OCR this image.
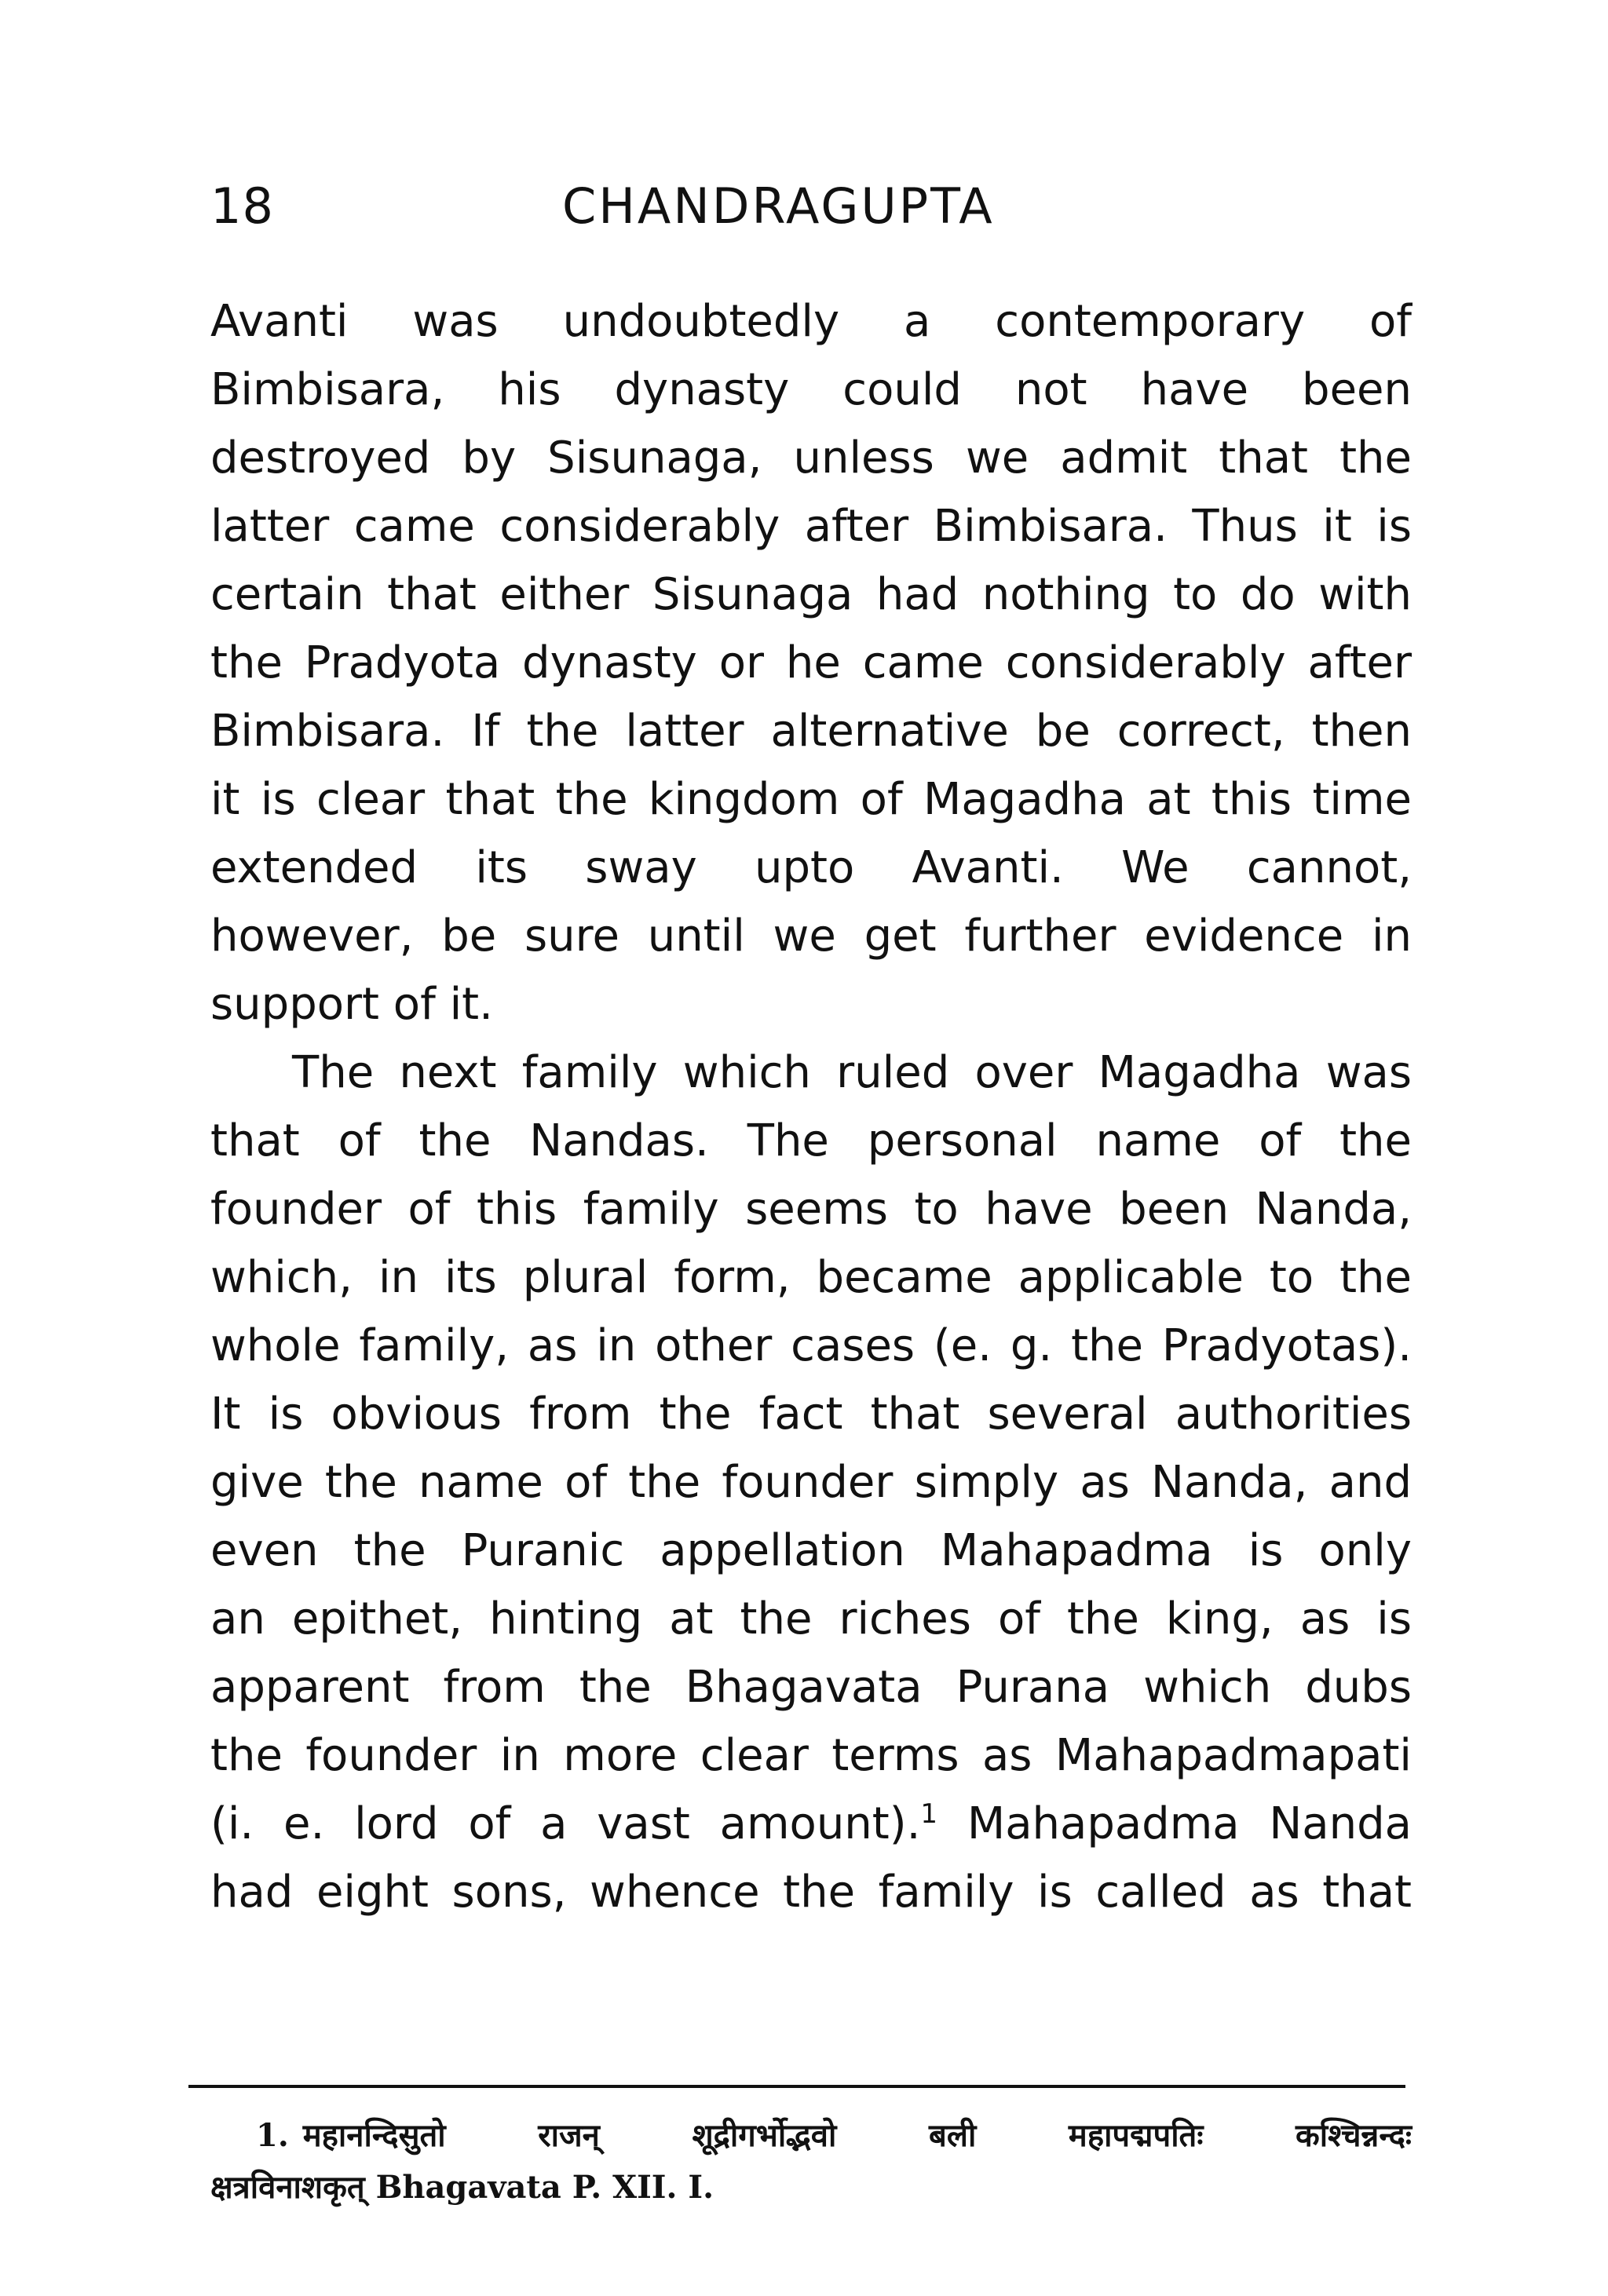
18	CHANDRAGUPTA
Avanti was undoubtedly a contemporary of
Bimbisara, his dynasty could not have been
destroyed by Sisunaga, unless we admit that the
latter came considerably after Bimbisara. Thus it is
certain that either Sisunaga had nothing to do with
the Pradyota dynasty or he came considerably after
Bimbisara. If the latter alternative be correct, then
it is clear that the kingdom of Magadha at this time
extended its sway upto Avanti. We cannot,
however, be sure until we get further evidence in
support of it.
The next family which ruled over Magadha was
that of the Nandas. The personal name of the
founder of this family seems to have been Nanda,
which, in its plural form, became applicable to the
whole family, as in other cases (e. g. the Pradyotas).
It is obvious from the fact that several authorities
give the name of the founder simply as Nanda, and
even the Puranic appellation Mahapadma is only
an epithet, hinting at the riches of the king, as is
apparent from the Bhagavata Purana which dubs
the founder in more clear terms as Mahapadmapati
(i. e. lord of a vast amount).$^1$ Mahapadma Nanda
had eight sons, whence the family is called as that
1. महानन्दिसुतो राजन् शूद्रीगर्भोद्भवो बली महापद्मपतिः कश्चिन्नन्दः
क्षत्रविनाशकृत् Bhagavata P. XII. I.
